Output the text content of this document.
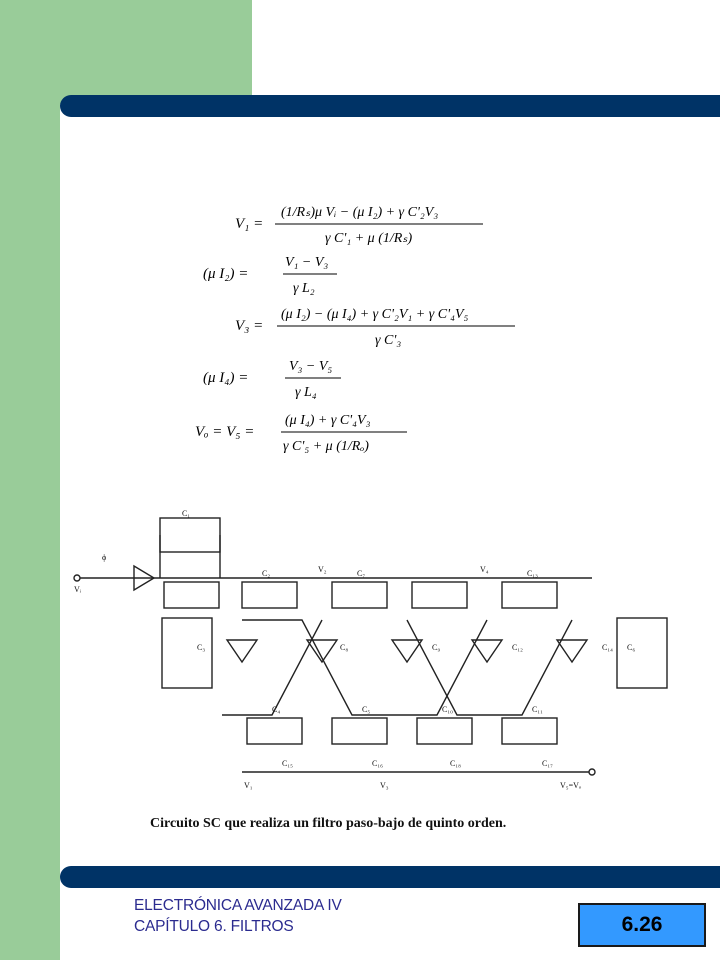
V₁ =
(1/Rₛ)μ Vᵢ − (μ I₂) + γ C'₂V₃
γ C'₁ + μ (1/Rₛ)
(μ I₂) =
V₁ − V₃
γ L₂
V₃ =
(μ I₂) − (μ I₄) + γ C'₂V₁ + γ C'₄V₅
γ C'₃
(μ I₄) =
V₃ − V₅
γ L₄
Vₒ = V₅ =
(μ I₄) + γ C'₄V₃
γ C'₅ + μ (1/Rₒ)
Vᵢ
V₁	V₃	V₅=Vₒ
V₂	V₄
C₁
C₂
C₃
C₄	C₅
C₆
C₇
C₈	C₉
C₁₀	C₁₁
C₁₂
C₁₃
C₁₄
C₁₅	C₁₆	C₁₇
C₁₈
ϕ
Circuito SC que realiza un filtro paso-bajo de quinto orden.
ELECTRÓNICA AVANZADA IV
CAPÍTULO 6. FILTROS	6.26
